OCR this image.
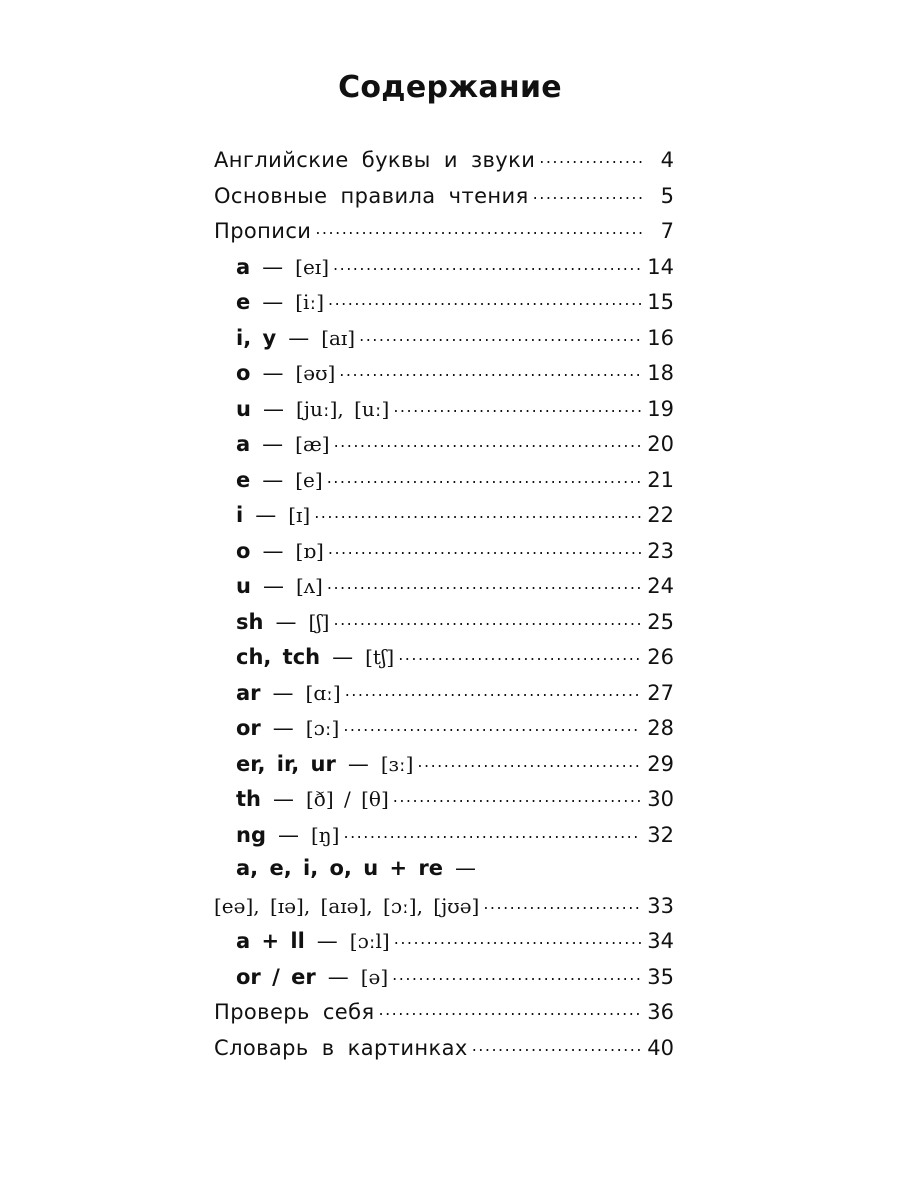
Содержание
Английские буквы и звуки .....	4
Основные правила чтения .....	5
Прописи .....	7
a — [eɪ] .....	14
e — [iː] .....	15
i, y — [aɪ] .....	16
o — [əʊ] .....	18
u — [juː], [uː] .....	19
a — [æ] .....	20
e — [e] .....	21
i — [ɪ] .....	22
o — [ɒ] .....	23
u — [ʌ] .....	24
sh — [ʃ] .....	25
ch, tch — [tʃ] .....	26
ar — [ɑː] .....	27
or — [ɔː] .....	28
er, ir, ur — [ɜː] .....	29
th — [ð] / [θ] .....	30
ng — [ŋ] .....	32
a, e, i, o, u + re —
[eə], [ɪə], [aɪə], [ɔː], [jʊə] .....	33
a + ll — [ɔːl] .....	34
or / er — [ə] .....	35
Проверь себя .....	36
Словарь в картинках .....	40
